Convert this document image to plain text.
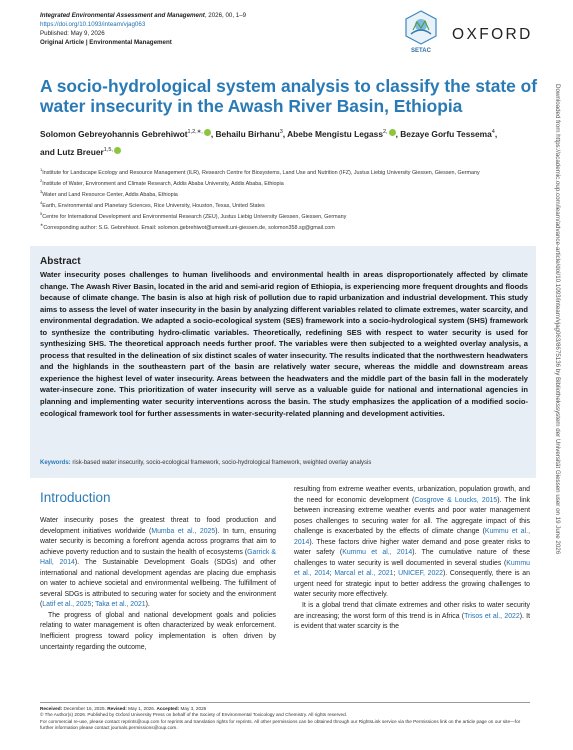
Integrated Environmental Assessment and Management, 2026, 00, 1–9
https://doi.org/10.1093/inteam/vjag063
Published: May 9, 2026
Original Article | Environmental Management
SETAC
OXFORD
A socio-hydrological system analysis to classify the state of water insecurity in the Awash River Basin, Ethiopia
Solomon Gebreyohannis Gebrehiwot$^{1,2,∗,}$ , Behailu Birhanu$^3$, Abebe Mengistu Legass$^{2,}$ , Bezaye Gorfu Tessema$^4$, and Lutz Breuer$^{1,5,}$
$^1$Institute for Landscape Ecology and Resource Management (ILR), Research Centre for Biosystems, Land Use and Nutrition (IFZ), Justus Liebig University Giessen, Giessen, Germany
$^2$Institute of Water, Environment and Climate Research, Addis Ababa University, Addis Ababa, Ethiopia
$^3$Water and Land Resource Center, Addis Ababa, Ethiopia
$^4$Earth, Environmental and Planetary Sciences, Rice University, Houston, Texas, United States
$^5$Centre for International Development and Environmental Research (ZEU), Justus Liebig University Giessen, Giessen, Germany
∗Corresponding author: S.G. Gebrehiwot. Email: solomon.gebrehiwot@umwelt.uni-giessen.de, solomon358.sg@gmail.com
Abstract
Water insecurity poses challenges to human livelihoods and environmental health in areas disproportionately affected by climate change. The Awash River Basin, located in the arid and semi-arid region of Ethiopia, is experiencing more frequent droughts and floods because of climate change. The basin is also at high risk of pollution due to rapid urbanization and industrial development. This study aims to assess the level of water insecurity in the basin by analyzing different variables related to climate extremes, water scarcity, and environmental degradation. We adapted a socio-ecological system (SES) framework into a socio-hydrological system (SHS) framework to synthesize the contributing hydro-climatic variables. Theoretically, redefining SES with respect to water security is used for synthesizing SHS. The theoretical approach needs further proof. The variables were then subjected to a weighted overlay analysis, a process that resulted in the delineation of six distinct scales of water insecurity. The results indicated that the northwestern headwaters and the highlands in the southeastern part of the basin are relatively water secure, whereas the middle and downstream areas experience the highest level of water insecurity. Areas between the headwaters and the middle part of the basin fall in the moderately water-insecure zone. This prioritization of water insecurity will serve as a valuable guide for national and international agencies in planning and implementing water security interventions across the basin. The study emphasizes the application of a modified socio-ecological framework tool for further assessments in water-security-related planning and development activities.
Keywords: risk-based water insecurity, socio-ecological framework, socio-hydrological framework, weighted overlay analysis
Introduction

Water insecurity poses the greatest threat to food production and development initiatives worldwide (Mumba et al., 2025). In turn, ensuring water security is becoming a forefront agenda across programs that aim to achieve poverty reduction and to sustain the health of ecosystems (Garrick & Hall, 2014). The Sustainable Development Goals (SDGs) and other international and national development agendas are placing due emphasis on water to achieve societal and environmental wellbeing. The fulfillment of several SDGs is attributed to securing water for society and the environment (Latif et al., 2025; Taka et al., 2021).

The progress of global and national development goals and policies relating to water management is often characterized by weak enforcement. Inefficient progress toward policy implementation is often driven by uncertainty regarding the outcome,

resulting from extreme weather events, urbanization, population growth, and the need for economic development (Cosgrove & Loucks, 2015). The link between increasing extreme weather events and poor water management poses challenges to securing water for all. The aggregate impact of this challenge is exacerbated by the effects of climate change (Kummu et al., 2014). These factors drive higher water demand and pose greater risks to water safety (Kummu et al., 2014). The cumulative nature of these challenges to water security is well documented in several studies (Kummu et al., 2014; Marcal et al., 2021; UNICEF, 2022). Consequently, there is an urgent need for strategic input to better address the growing challenges to water security more effectively.

It is a global trend that climate extremes and other risks to water security are increasing; the worst form of this trend is in Africa (Trisos et al., 2022). It is evident that water scarcity is the

Received: December 16, 2025. Revised: May 1, 2026. Accepted: May 3, 2026
© The Author(s) 2026. Published by Oxford University Press on behalf of the Society of Environmental Toxicology and Chemistry. All rights reserved.
For commercial re-use, please contact reprints@oup.com for reprints and translation rights for reprints. All other permissions can be obtained through our RightsLink service via the Permissions link on the article page on our site—for further information please contact journals.permissions@oup.com.
Downloaded from https://academic.oup.com/ieam/advance-article/doi/10.1093/inteam/vjag063/8675136 by Bibliothekssystem der Universität Giessen user on 19 June 2026
